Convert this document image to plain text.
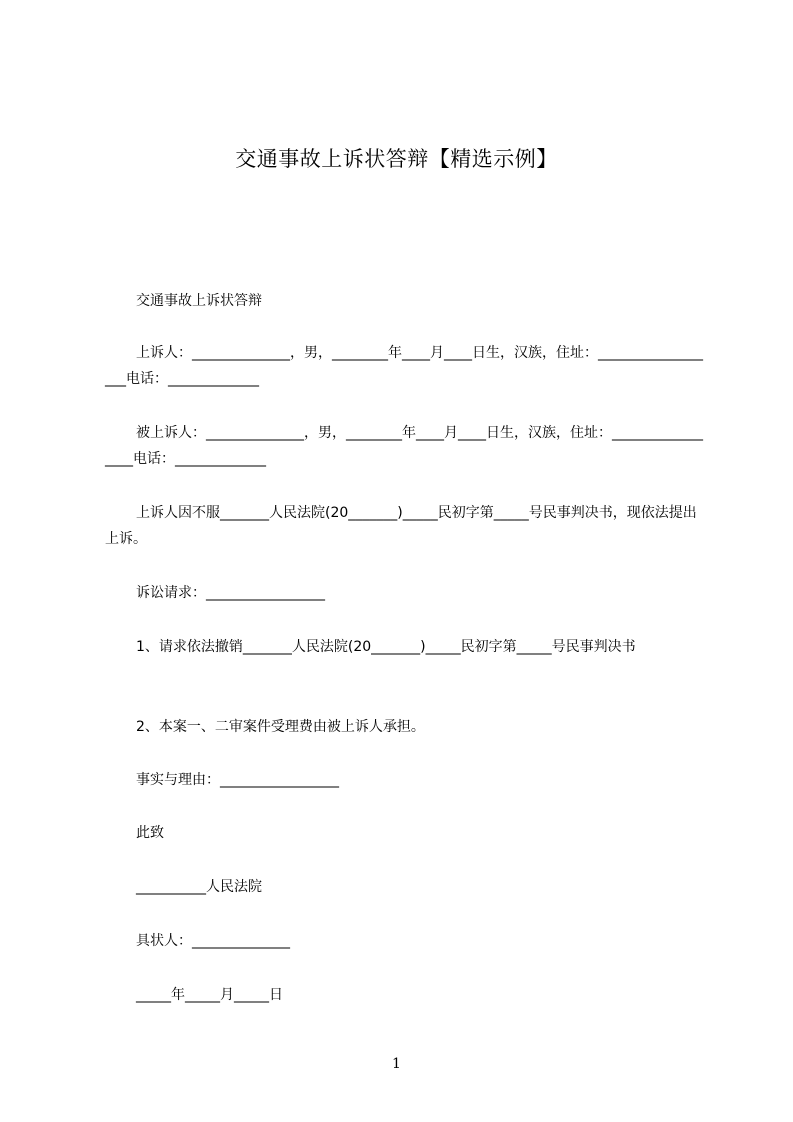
交通事故上诉状答辩【精选示例】
交通事故上诉状答辩
上诉人：______________，男，________年____月____日生，汉族，住址：__________________电话：_____________
被上诉人：______________，男，________年____月____日生，汉族，住址：_________________电话：_____________
上诉人因不服_______人民法院(20_______)_____民初字第_____号民事判决书，现依法提出上诉。
诉讼请求：_________________
1、请求依法撤销_______人民法院(20_______)_____民初字第_____号民事判决书
2、本案一、二审案件受理费由被上诉人承担。
事实与理由：_________________
此致
__________人民法院
具状人：______________
_____年_____月_____日
1
